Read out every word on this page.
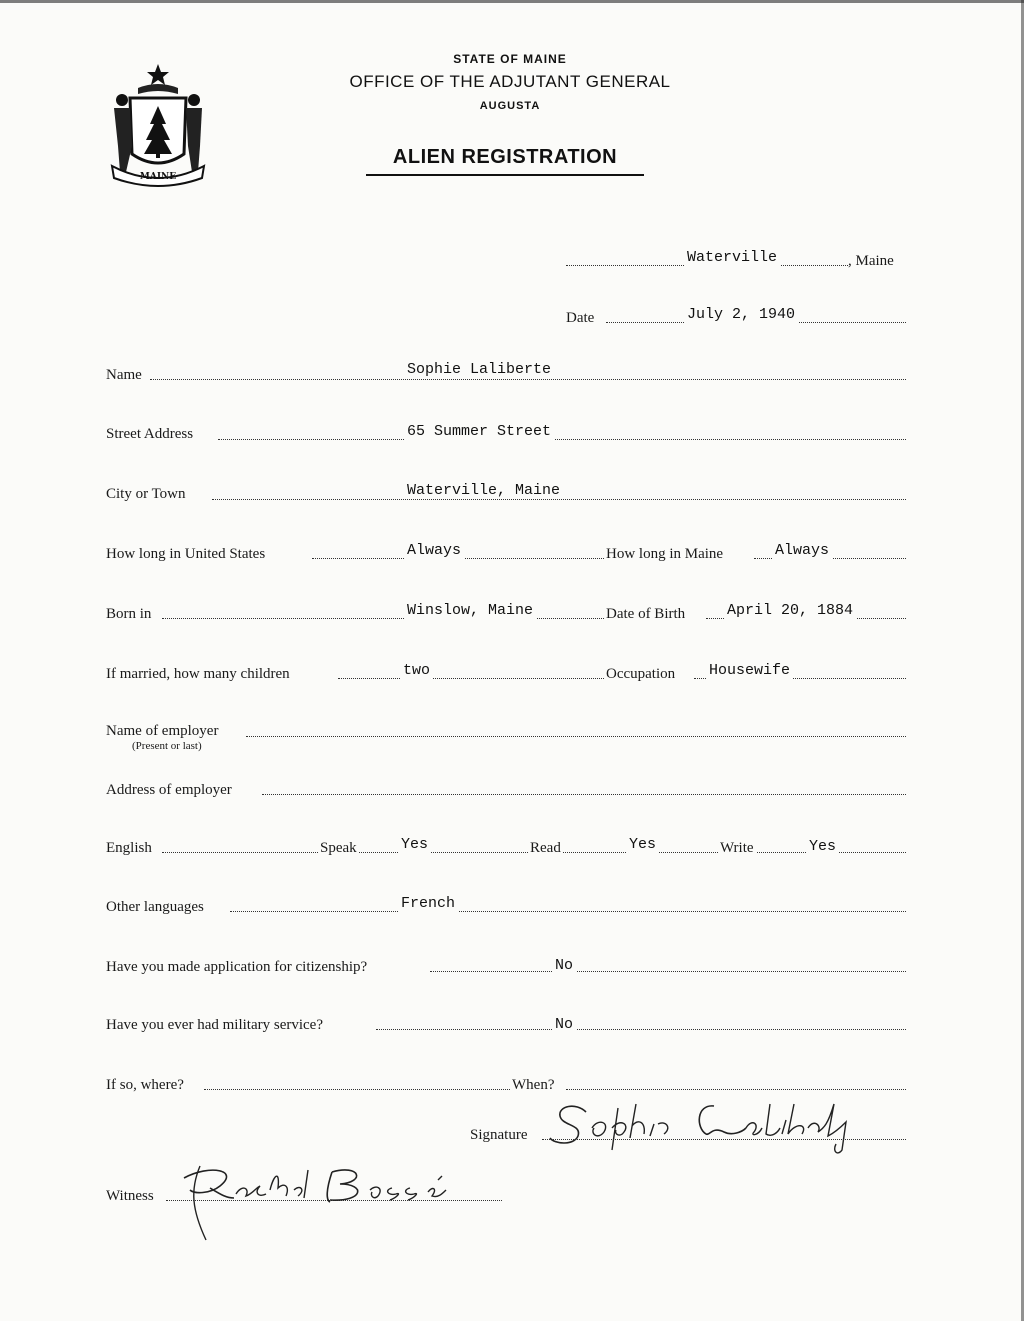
MAINE
STATE OF MAINE
OFFICE OF THE ADJUTANT GENERAL
AUGUSTA
ALIEN REGISTRATION
Waterville	, Maine
Date	July 2, 1940
Name	Sophie Laliberte
Street Address	65 Summer Street
City or Town	Waterville, Maine
How long in United States	Always	How long in Maine	Always
Born in	Winslow, Maine	Date of Birth	April 20, 1884
If married, how many children	two	Occupation Housewife
Name of employer
(Present or last)
Address of employer
English	Speak	Yes	Read	Yes	Write	Yes
Other languages	French
Have you made application for citizenship?	No
Have you ever had military service?	No
If so, where?	When?
Signature
Witness
